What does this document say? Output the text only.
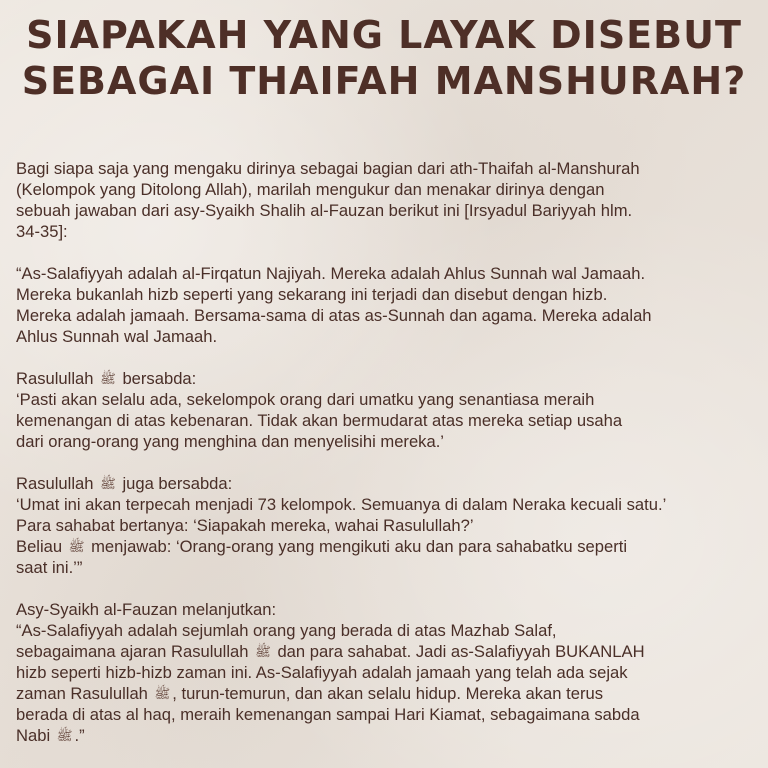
SIAPAKAH YANG LAYAK DISEBUT
SEBAGAI THAIFAH MANSHURAH?
Bagi siapa saja yang mengaku dirinya sebagai bagian dari ath-Thaifah al-Manshurah
(Kelompok yang Ditolong Allah), marilah mengukur dan menakar dirinya dengan
sebuah jawaban dari asy-Syaikh Shalih al-Fauzan berikut ini [Irsyadul Bariyyah hlm.
34-35]:
“As-Salafiyyah adalah al-Firqatun Najiyah. Mereka adalah Ahlus Sunnah wal Jamaah.
Mereka bukanlah hizb seperti yang sekarang ini terjadi dan disebut dengan hizb.
Mereka adalah jamaah. Bersama-sama di atas as-Sunnah dan agama. Mereka adalah
Ahlus Sunnah wal Jamaah.
Rasulullah ﷺ bersabda:
‘Pasti akan selalu ada, sekelompok orang dari umatku yang senantiasa meraih
kemenangan di atas kebenaran. Tidak akan bermudarat atas mereka setiap usaha
dari orang-orang yang menghina dan menyelisihi mereka.’
Rasulullah ﷺ juga bersabda:
‘Umat ini akan terpecah menjadi 73 kelompok. Semuanya di dalam Neraka kecuali satu.’
Para sahabat bertanya: ‘Siapakah mereka, wahai Rasulullah?’
Beliau ﷺ menjawab: ‘Orang-orang yang mengikuti aku dan para sahabatku seperti
saat ini.’”
Asy-Syaikh al-Fauzan melanjutkan:
“As-Salafiyyah adalah sejumlah orang yang berada di atas Mazhab Salaf,
sebagaimana ajaran Rasulullah ﷺ dan para sahabat. Jadi as-Salafiyyah BUKANLAH
hizb seperti hizb-hizb zaman ini. As-Salafiyyah adalah jamaah yang telah ada sejak
zaman Rasulullah ﷺ , turun-temurun, dan akan selalu hidup. Mereka akan terus
berada di atas al haq, meraih kemenangan sampai Hari Kiamat, sebagaimana sabda
Nabi ﷺ .”
